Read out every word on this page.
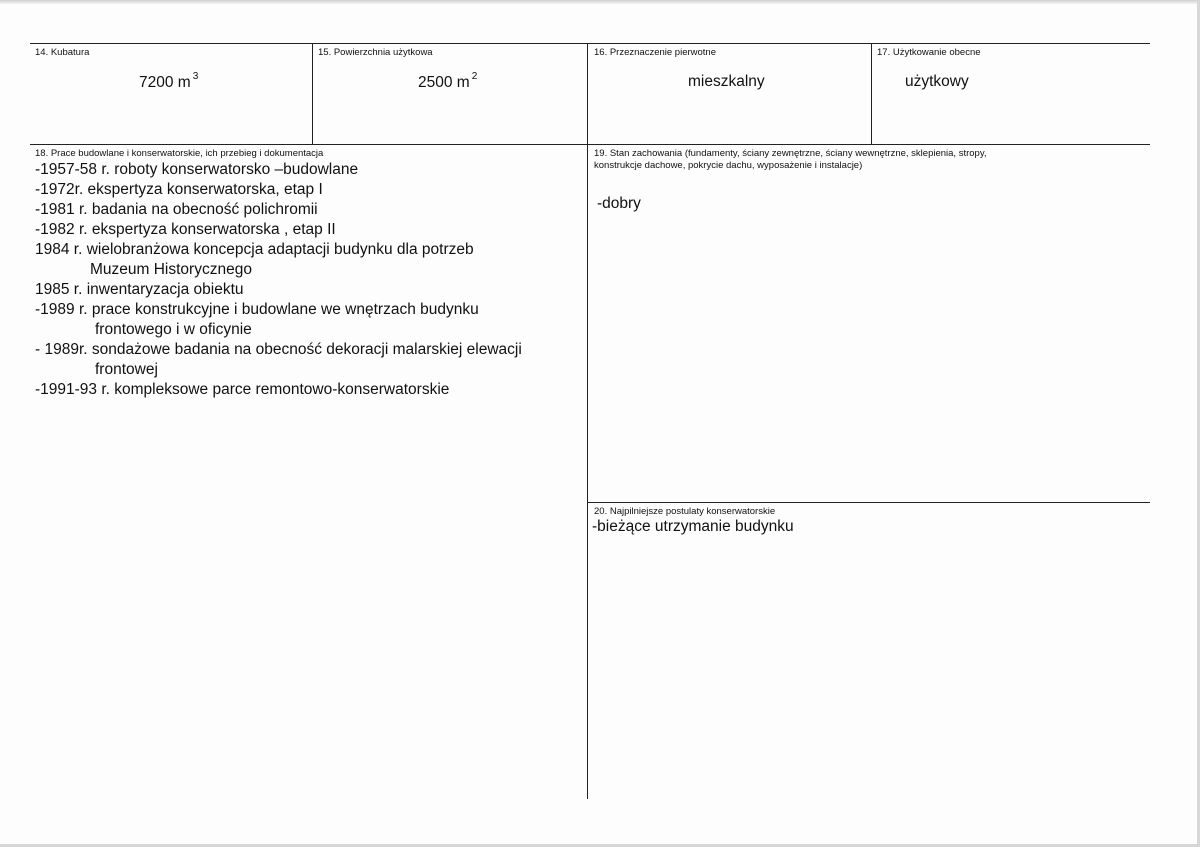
14. Kubatura
7200 m $^3$
15. Powierzchnia użytkowa
2500 m $^2$
16. Przeznaczenie pierwotne
mieszkalny
17. Użytkowanie obecne
użytkowy
18. Prace budowlane i konserwatorskie, ich przebieg i dokumentacja
-1957-58 r. roboty konserwatorsko –budowlane
-1972r. ekspertyza konserwatorska, etap I
-1981 r. badania na obecność polichromii
-1982 r. ekspertyza konserwatorska , etap II
1984 r. wielobranżowa koncepcja adaptacji budynku dla potrzeb
Muzeum Historycznego
1985 r. inwentaryzacja obiektu
-1989 r. prace konstrukcyjne i budowlane we wnętrzach budynku
frontowego i w oficynie
- 1989r. sondażowe badania na obecność dekoracji malarskiej elewacji
frontowej
-1991-93 r. kompleksowe parce remontowo-konserwatorskie
19. Stan zachowania (fundamenty, ściany zewnętrzne, ściany wewnętrzne, sklepienia, stropy,
konstrukcje dachowe, pokrycie dachu, wyposażenie i instalacje)
-dobry
20. Najpilniejsze postulaty konserwatorskie
-bieżące utrzymanie budynku
